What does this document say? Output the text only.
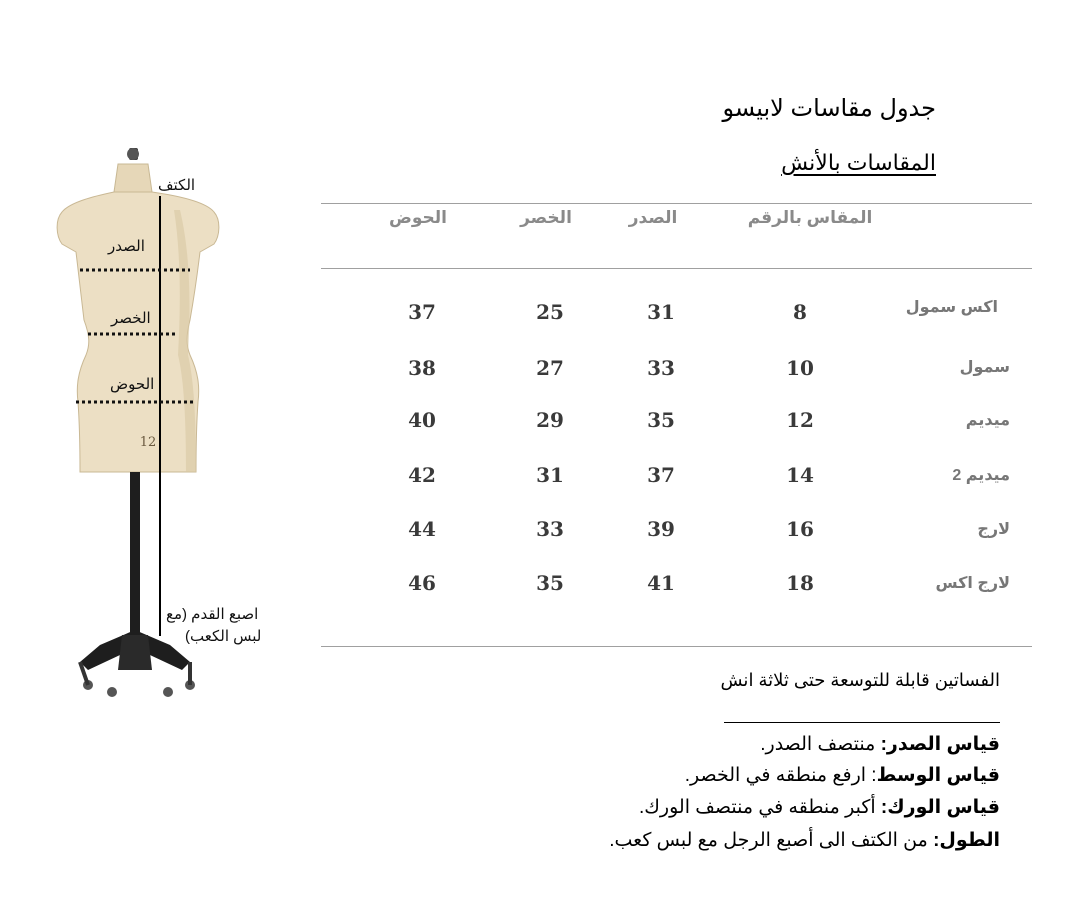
جدول مقاسات لابيسو
المقاسات بالأنش
المقاس بالرقم
الصدر
الخصر
الحوض
اكس سمول
8
31
25
37
سمول
10
33
27
38
ميديم
12
35
29
40
ميديم 2
14
37
31
42
لارج
16
39
33
44
لارج اكس
18
41
35
46
الفساتين قابلة للتوسعة حتى ثلاثة انش
قياس الصدر: منتصف الصدر.
قياس الوسط: ارفع منطقه في الخصر.
قياس الورك: أكبر منطقه في منتصف الورك.
الطول: من الكتف الى أصبع الرجل مع لبس كعب.
12
الكتف
الصدر
الخصر
الحوض
اصبع القدم (مع
لبس الكعب)
